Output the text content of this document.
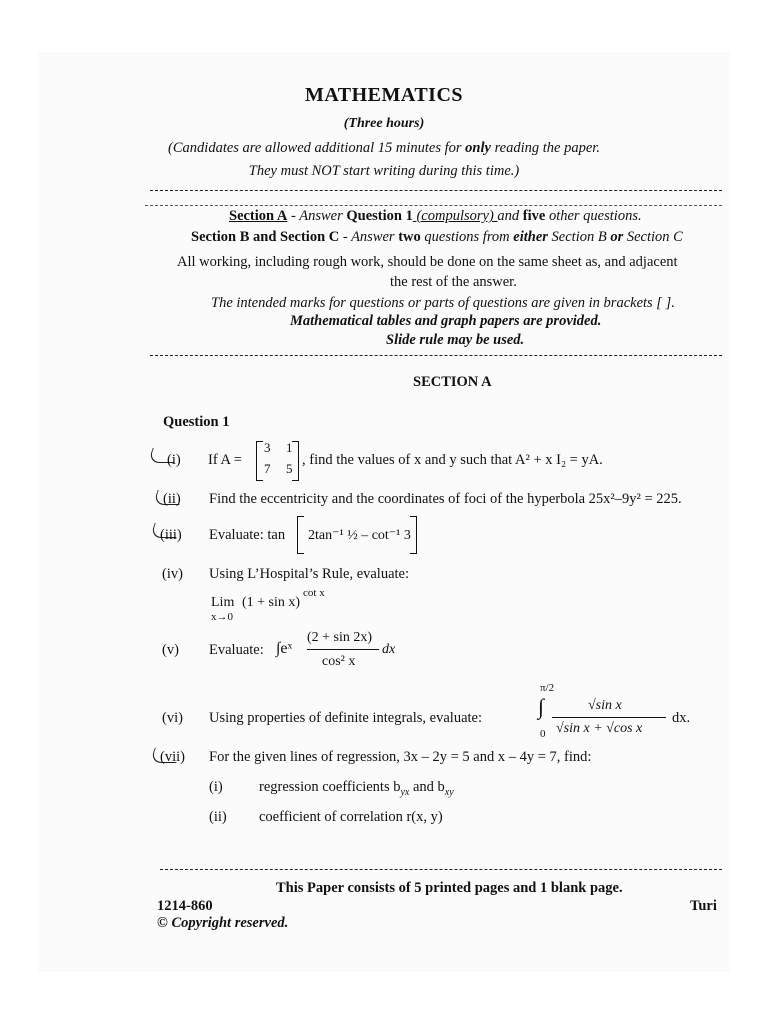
MATHEMATICS
(Three hours)
(Candidates are allowed additional 15 minutes for only reading the paper.
They must NOT start writing during this time.)
Section A - Answer Question 1 (compulsory) and five other questions.
Section B and Section C - Answer two questions from either Section B or Section C
All working, including rough work, should be done on the same sheet as, and adjacent
the rest of the answer.
The intended marks for questions or parts of questions are given in brackets [ ].
Mathematical tables and graph papers are provided.
Slide rule may be used.
SECTION A
Question 1
(i) If A =
3 1
7 5
, find the values of x and y such that A² + x I₂ = yA.
(ii) Find the eccentricity and the coordinates of foci of the hyperbola 25x²–9y² = 225.
(iii) Evaluate: tan 2tan⁻¹ ½ – cot⁻¹ 3
(iv) Using L’Hospital’s Rule, evaluate:
Lim
x→0
(1 + sin x)
cot x
(v) Evaluate: ∫eˣ
(2 + sin 2x)
cos² x
dx
(vi) Using properties of definite integrals, evaluate:
π/2
∫
0
√sin x
√sin x + √cos x
dx.
(vii) For the given lines of regression, 3x – 2y = 5 and x – 4y = 7, find:
(i)	regression coefficients $b_{yx}$ and $b_{xy}$
(ii) coefficient of correlation r(x, y)
This Paper consists of 5 printed pages and 1 blank page.
1214-860	Turi
© Copyright reserved.
